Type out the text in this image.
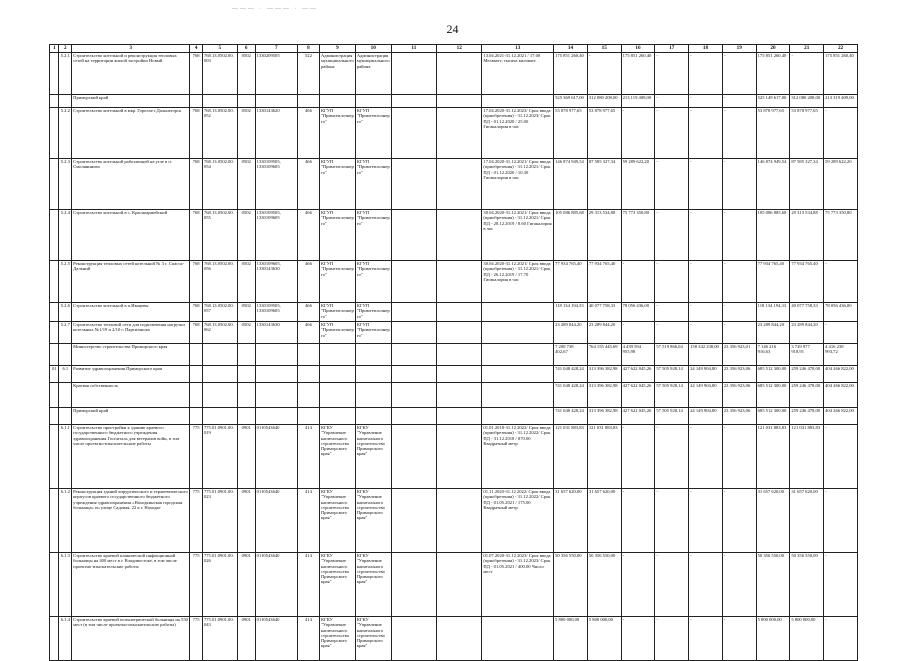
——— · ——— · ——
24
1	2	3	4	5	6	7	8	9	10	11	12	13	14	15	16	17	18	19	20	21	22
	5.2.1	Строительство котельной и реконструкция тепловых сетей на территории жилой застройки Новый	768	768.13.0502.00.003	0502	1330209505	522	Администрация муниципального района	Администрация муниципального района			13.04.2021-31.12.2021 / 17.00 Мегаватт; тысяча киловатт	175 851 260,40	-	175 851 260,40	-	-	-	175 851 260,40	-	175 851 260,40
		Приморский край											525 369 617,00	312 080 208,00	213 119 409,00	-	-	-	525 149 617,00	312 080 208,00	213 319 409,00
	5.2.2	Строительство котельной в мкр. Горелое г.Дальнегорск	768	768.13.0502.00.052	0502	1330143620	466	КГУП "Примтеплоэнерго"	КГУП "Примтеплоэнерго"			17.04.2020-31.12.2023/ Срок ввода (приобретения) - 31.12.2023/ Срок ПД - 01.12.2020 / 25.00 Гигакалория в час	53 878 977,65	53 878 977,65	-	-	-	-	53 878 977,65	53 878 977,65	-
	5.2.3	Строительство котельной работающей на угле в п. Смоляниново	768	768.13.0502.00.054	0502	1330109505, 1330109605	466	КГУП "Примтеплоэнерго"	КГУП "Примтеплоэнерго"			17.04.2020-31.12.2021/ Срок ввода (приобретения) - 31.12.2021/ Срок ПД - 01.12.2020 / 10.30 Гигакалория в час	146 874 949,54	87 585 327,34	59 289 622,20	-	-	-	146 874 949,54	87 585 327,34	59 289 622,20
	5.2.4	Строительство котельной в с. Красноармейский	768	768.13.0502.00.055	0502	1330109505, 1330109605	466	КГУП "Примтеплоэнерго"	КГУП "Примтеплоэнерго"			30.04.2020-31.12.2021/ Срок ввода (приобретения) - 31.12.2021/ Срок ПД - 28.12.2019 / 8.60 Гигакалория в час	105 086 885,68	29 313 534,88	75 773 350,80	-	-	-	105 086 885,68	29 313 534,88	75 773 350,80
	5.2.5	Реконструкция тепловых сетей котельной № 3 г. Спасск-Дальний	768	768.13.0502.00.056	0502	1330109605, 1330143630	466	КГУП "Примтеплоэнерго"	КГУП "Примтеплоэнерго"			30.04.2020-31.12.2021/ Срок ввода (приобретения) - 31.12.2021/ Срок ПД - 26.12.2019 / 17.70 Гигакалория в час	77 934 765,40	77 934 765,40	-	-	-	-	77 934 765,40	77 934 765,40	-
	5.2.6	Строительство котельной в п.Ивацевы	768	768.13.0502.00.057	0502	1330109505, 1330109605	466	КГУП "Примтеплоэнерго"	КГУП "Примтеплоэнерго"				118 134 194,33	40 077 758,33	78 056 436,00	-	-	-	118 134 194,33	40 077 758,33	78 056 436,00
	5.2.7	Строительство тепловой сети для подключения нагрузки котельных №1/19 и 2/10 г. Партизанска	768	768.13.0502.00.062	0502	1330143630	466	КГУП "Примтеплоэнерго"	КГУП "Примтеплоэнерго"				23 289 844,20	23 289 844,20	-	-	-	-	23 289 844,20	23 289 844,20	-
		Министерство строительства Приморского края											7 200 738 402,67	764 155 445,69	4 439 594 955,98	57 519 866,04	158 342 238,00	23 356 923,01	7 146 216 916,63	3 729 977 918,91	4 416 238 993,72
01	6.1	Развитие здравоохранения Приморского края											741 048 428,24	313 396 382,98	427 622 045,26	57 505 928,14	24 149 904,80	23 356 923,06	685 512 300,00	259 246 478,00	404 266 822,00
		Краевая собственность											741 048 428,24	313 396 382,98	427 622 045,26	57 505 928,14	24 149 904,80	23 356 923,06	685 512 300,00	259 246 478,00	404 266 822,00
		Приморский край											741 048 428,24	313 396 382,98	427 622 045,26	57 505 928,14	24 149 904,80	23 356 923,06	685 512 300,00	259 246 478,00	404 266 822,00
	6.1.1	Строительство пристройки к зданию краевого государственного бюджетного учреждения здравоохранения Госпиталь для ветеранов войн, в том числе проектно-изыскательские работы	775	775.01.0901.00.019	0901	0110543640	414	КГКУ "Управление капитального строительства Приморского края"	КГКУ "Управление капитального строительства Приморского края"			01.01.2018-31.12.2022/ Срок ввода (приобретения) - 31.12.2022/ Срок ПД - 31.12.2018 / 870.00 Квадратный метр	121 031 883,83	121 031 883,83	-	-	-	-	121 031 883,83	121 031 883,83	-
	6.1.2	Реконструкция зданий хирургического и терапевтического корпусов краевого государственного бюджетного учреждения здравоохранения «Находкинская городская больница» по улице Садовая, 22 в г. Находке	775	775.01.0901.00.023	0901	0110543640	414	КГКУ "Управление капитального строительства Приморского края"	КГКУ "Управление капитального строительства Приморского края"			01.11.2020-31.12.2022/ Срок ввода (приобретения) - 31.12.2022/ Срок ПД - 01.05.2021 / 175.00 Квадратный метр	31 657 620,00	31 657 620,00	-	-	-	-	31 657 620,00	31 657 620,00	-
	6.1.3	Строительство краевой клинической инфекционной больницы на 400 мест в г. Владивостоке, в том числе проектно-изыскательские работы	775	775.01.0901.00.026	0901	0110543640	414	КГКУ "Управление капитального строительства Приморского края"	КГКУ "Управление капитального строительства Приморского края"			01.07.2020-31.12.2023/ Срок ввода (приобретения) - 31.12.2023/ Срок ПД - 01.05.2021 / 400.00 Число мест	50 356 550,00	50 356 550,00	-	-	-	-	50 356 550,00	50 356 550,00	-
	6.1.4	Строительство краевой психиатрической больницы на 550 мест (в том числе проектно-изыскательские работы)	775	775.01.0901.00.043	0901	0110543640	414	КГКУ "Управление капитального строительства Приморского края"	КГКУ "Управление капитального строительства Приморского края"				5 800 000,00	5 800 000,00	-	-	-	-	5 800 000,00	5 800 000,00	-
